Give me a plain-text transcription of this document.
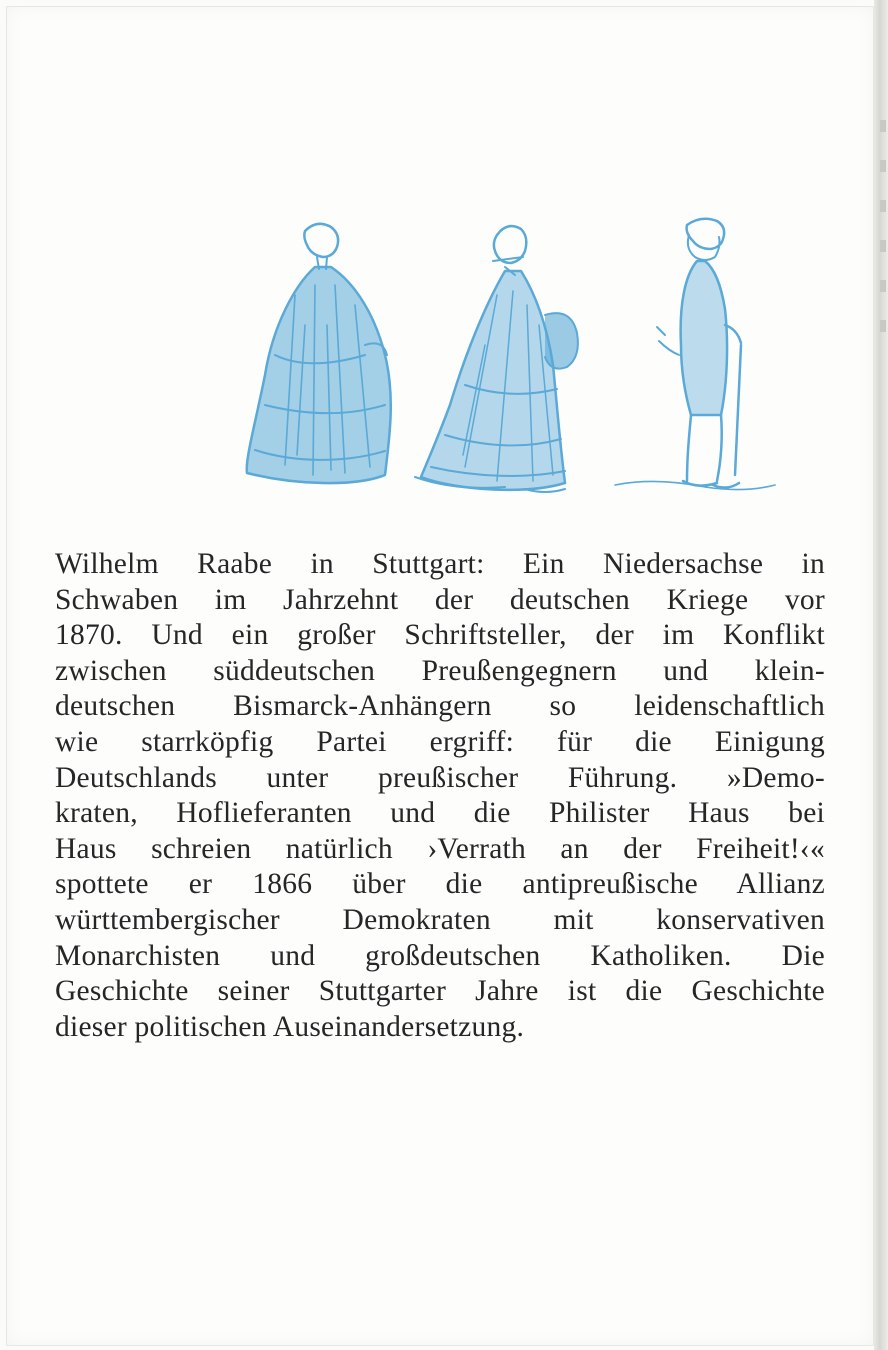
Wilhelm Raabe in Stuttgart: Ein Niedersachse in
Schwaben im Jahrzehnt der deutschen Kriege vor
1870. Und ein großer Schriftsteller, der im Konflikt
zwischen süddeutschen Preußengegnern und klein-
deutschen Bismarck-Anhängern so leidenschaftlich
wie starrköpfig Partei ergriff: für die Einigung
Deutschlands unter preußischer Führung. »Demo-
kraten, Hoflieferanten und die Philister Haus bei
Haus schreien natürlich ›Verrath an der Freiheit!‹«
spottete er 1866 über die antipreußische Allianz
württembergischer Demokraten mit konservativen
Monarchisten und großdeutschen Katholiken. Die
Geschichte seiner Stuttgarter Jahre ist die Geschichte
dieser politischen Auseinandersetzung.
